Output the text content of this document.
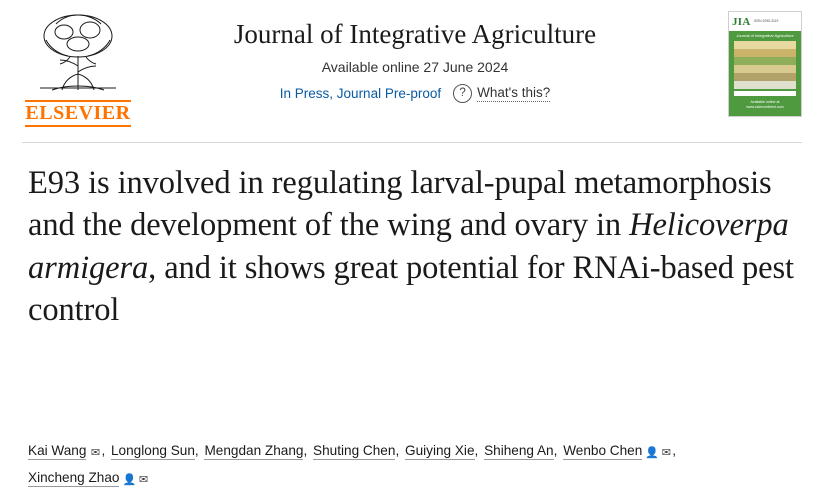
ELSEVIER
Journal of Integrative Agriculture
Available online 27 June 2024
In Press, Journal Pre-proof	? What's this?
JIA ISSN 2095-3119
Journal of Integrative Agriculture
Available online at www.sciencedirect.com
E93 is involved in regulating larval-pupal metamorphosis and the development of the wing and ovary in Helicoverpa armigera, and it shows great potential for RNAi-based pest control
Kai Wang ✉ , Longlong Sun, Mengdan Zhang, Shuting Chen, Guiying Xie, Shiheng An, Wenbo Chen 👤 ✉ , Xincheng Zhao 👤 ✉
